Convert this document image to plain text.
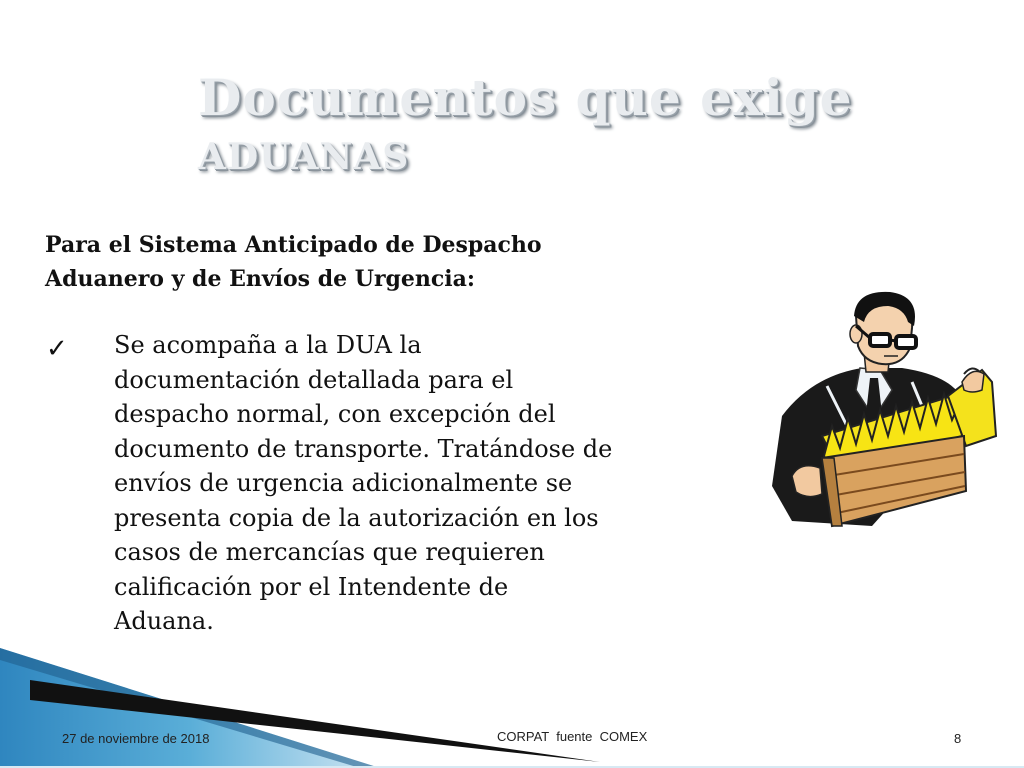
Documentos que exige
ADUANAS
Para el Sistema Anticipado de Despacho
Aduanero y de Envíos de Urgencia:
✓ Se acompaña a la DUA la
documentación detallada para el
despacho normal, con excepción del
documento de transporte. Tratándose de
envíos de urgencia adicionalmente se
presenta copia de la autorización en los
casos de mercancías que requieren
calificación por el Intendente de
Aduana.
27 de noviembre de 2018	CORPAT  fuente  COMEX	8
